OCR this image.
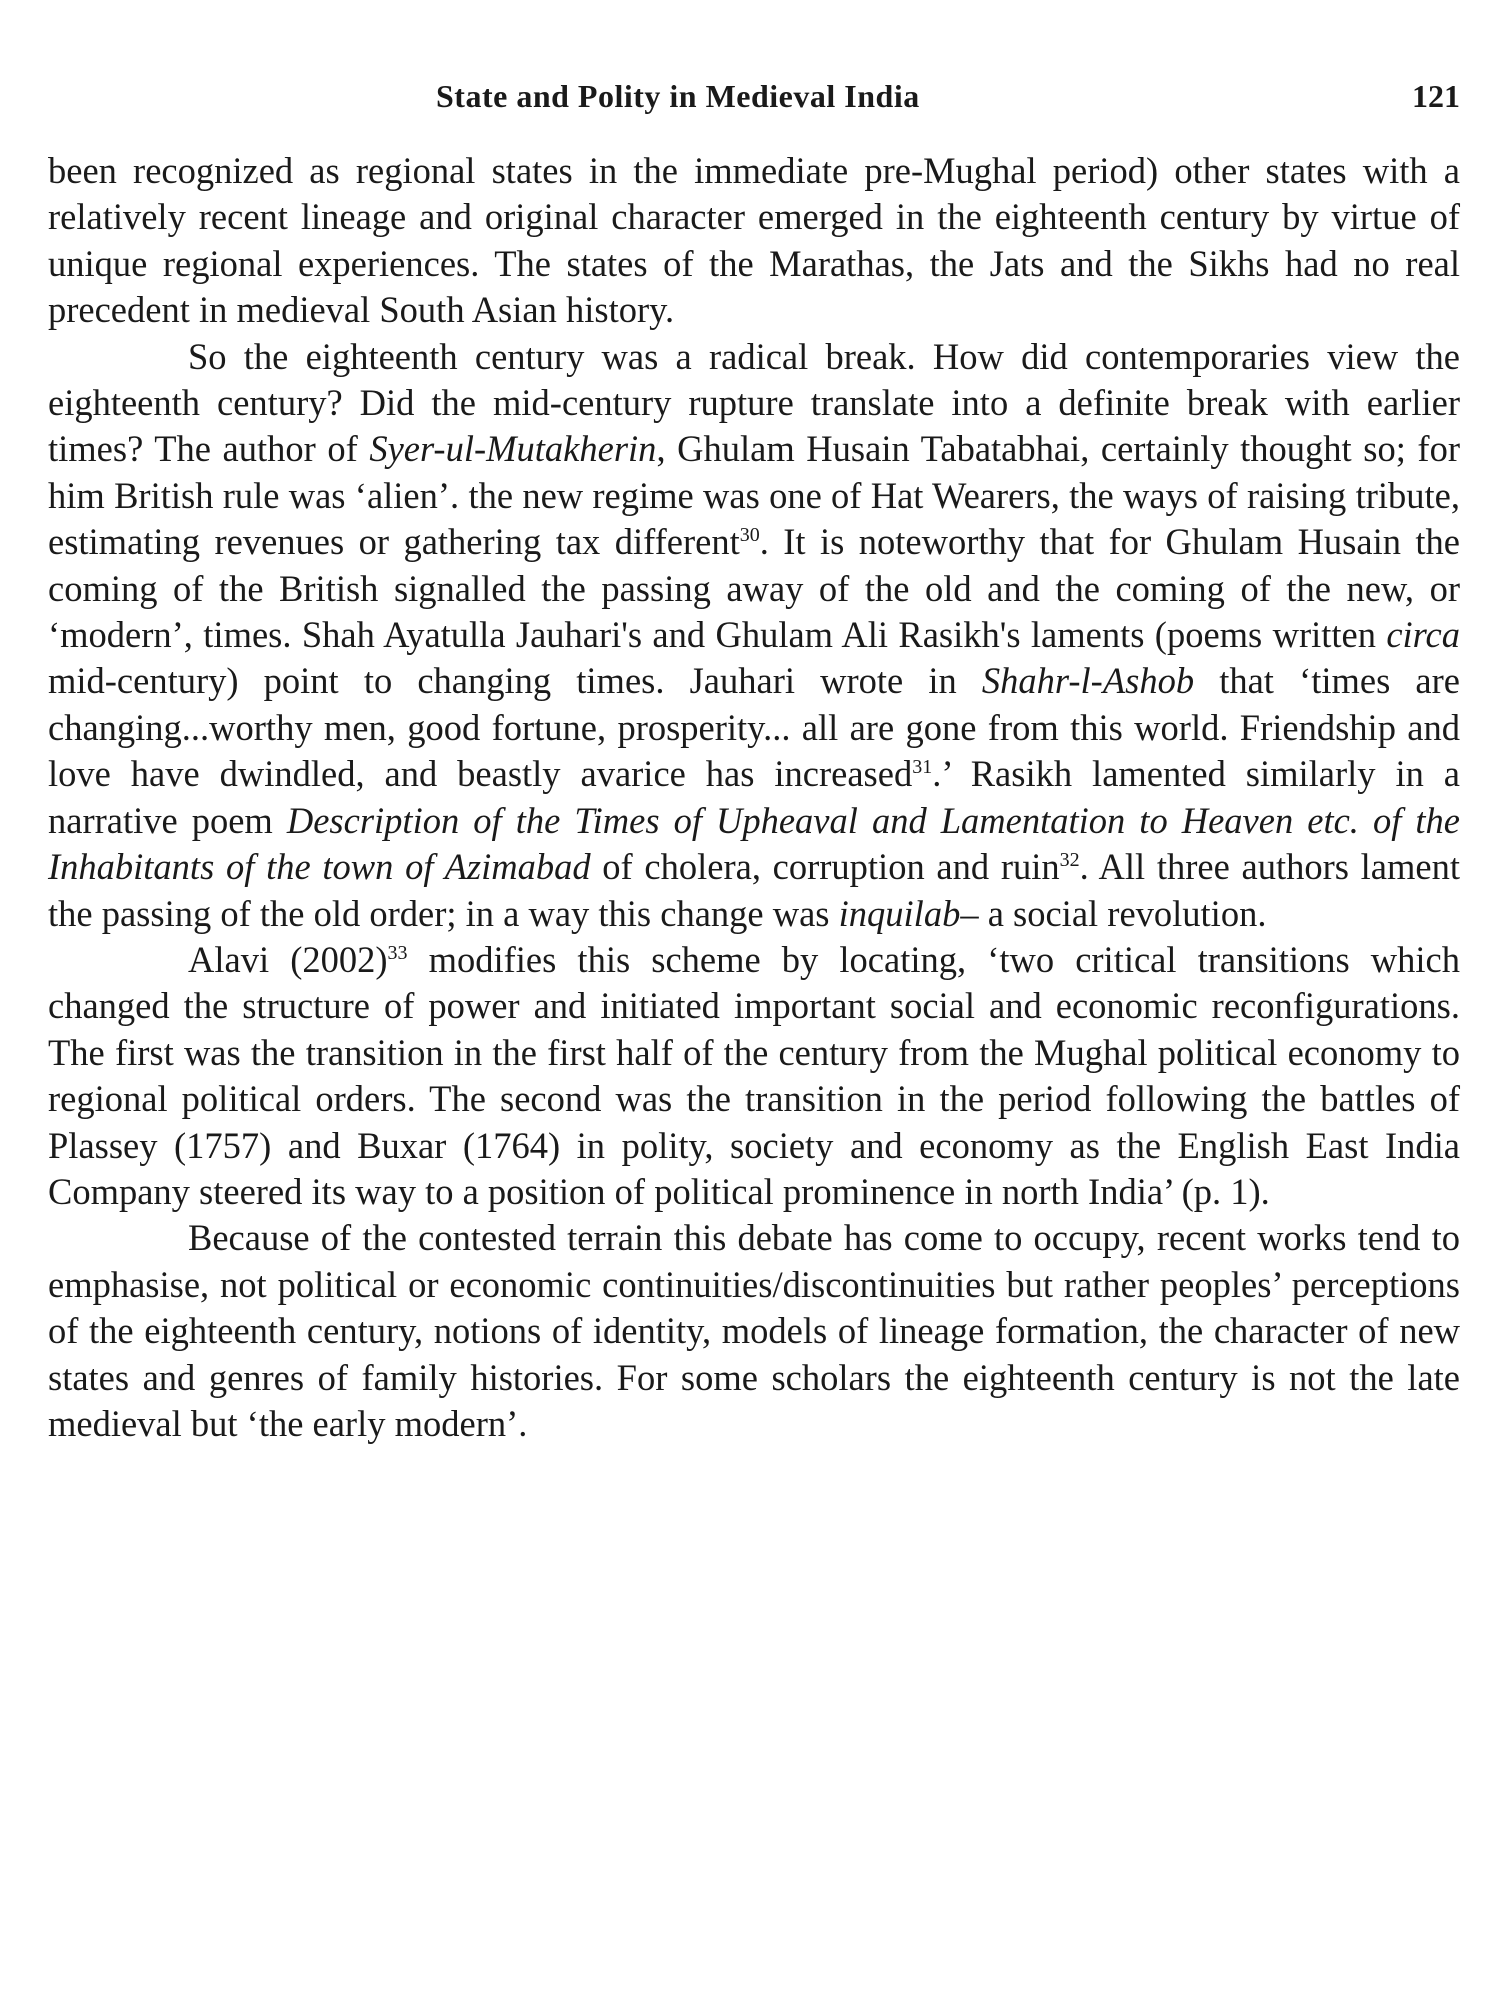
State and Polity in Medieval India	121

been recognized as regional states in the immediate pre-Mughal period) other states with a relatively recent lineage and original character emerged in the eighteenth century by virtue of unique regional experiences. The states of the Marathas, the Jats and the Sikhs had no real precedent in medieval South Asian history.

So the eighteenth century was a radical break. How did contemporaries view the eighteenth century? Did the mid-century rupture translate into a definite break with earlier times? The author of Syer-ul-Mutakherin, Ghulam Husain Tabatabhai, certainly thought so; for him British rule was ‘alien’. the new regime was one of Hat Wearers, the ways of raising tribute, estimating revenues or gathering tax different$^{30}$. It is noteworthy that for Ghulam Husain the coming of the British signalled the passing away of the old and the coming of the new, or ‘modern’, times. Shah Ayatulla Jauhari's and Ghulam Ali Rasikh's laments (poems written circa mid-century) point to changing times. Jauhari wrote in Shahr-l-Ashob that ‘times are changing...worthy men, good fortune, prosperity... all are gone from this world. Friendship and love have dwindled, and beastly avarice has increased$^{31}$.’ Rasikh lamented similarly in a narrative poem Description of the Times of Upheaval and Lamentation to Heaven etc. of the Inhabitants of the town of Azimabad of cholera, corruption and ruin$^{32}$. All three authors lament the passing of the old order; in a way this change was inquilab– a social revolution.

Alavi $(2002)^{33}$ modifies this scheme by locating, ‘two critical transitions which changed the structure of power and initiated important social and economic reconfigurations. The first was the transition in the first half of the century from the Mughal political economy to regional political orders. The second was the transition in the period following the battles of Plassey (1757) and Buxar (1764) in polity, society and economy as the English East India Company steered its way to a position of political prominence in north India’ (p. 1).

Because of the contested terrain this debate has come to occupy, recent works tend to emphasise, not political or economic continuities/discontinuities but rather peoples’ perceptions of the eighteenth century, notions of identity, models of lineage formation, the character of new states and genres of family histories. For some scholars the eighteenth century is not the late medieval but ‘the early modern’.
